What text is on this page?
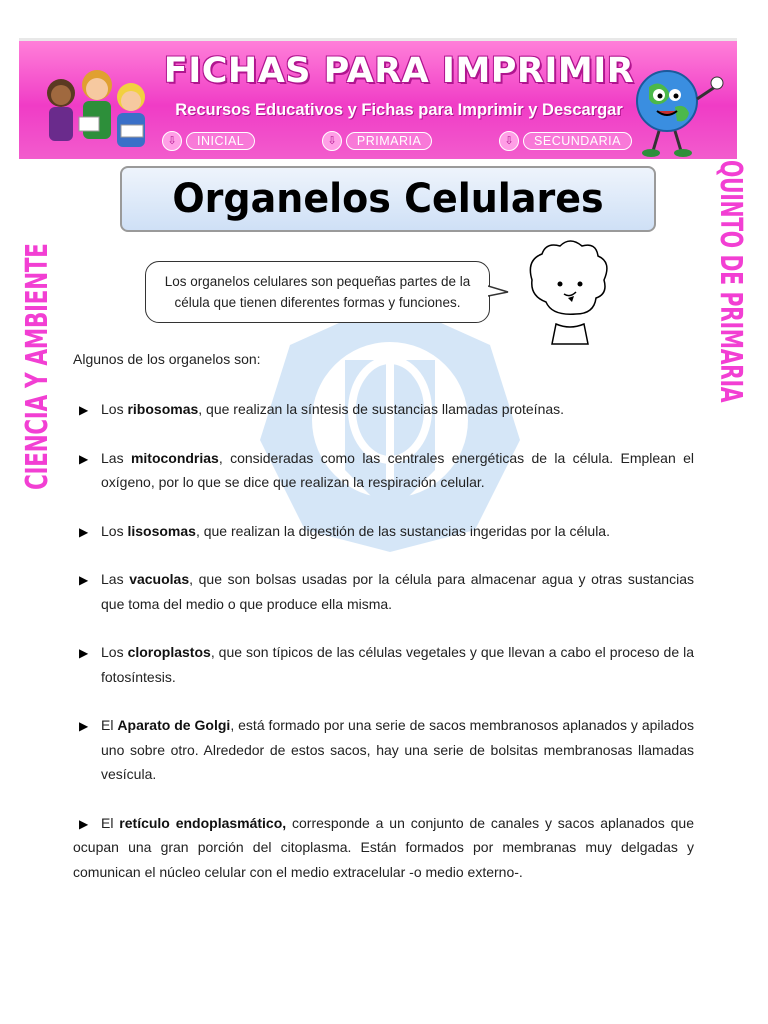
FICHAS PARA IMPRIMIR
Recursos Educativos y Fichas para Imprimir y Descargar
⇩	INICIAL	⇩	PRIMARIA	⇩	SECUNDARIA
CIENCIA Y AMBIENTE	QUINTO DE PRIMARIA
Organelos Celulares
Los organelos celulares son pequeñas partes de la
célula que tienen diferentes formas y funciones.

Algunos de los organelos son:

▶ Los ribosomas, que realizan la síntesis de sustancias llamadas proteínas.

▶ Las mitocondrias, consideradas como las centrales energéticas de la célula. Emplean el oxígeno, por lo que se dice que realizan la respiración celular.

▶ Los lisosomas, que realizan la digestión de las sustancias ingeridas por la célula.

▶ Las vacuolas, que son bolsas usadas por la célula para almacenar agua y otras sustancias que toma del medio o que produce ella misma.

▶ Los cloroplastos, que son típicos de las células vegetales y que llevan a cabo el proceso de la fotosíntesis.

▶ El Aparato de Golgi, está formado por una serie de sacos membranosos aplanados y apilados uno sobre otro. Alrededor de estos sacos, hay una serie de bolsitas membranosas llamadas vesícula.

▶ El retículo endoplasmático, corresponde a un conjunto de canales y sacos aplanados que ocupan una gran porción del citoplasma. Están formados por membranas muy delgadas y comunican el núcleo celular con el medio extracelular -o medio externo-.
